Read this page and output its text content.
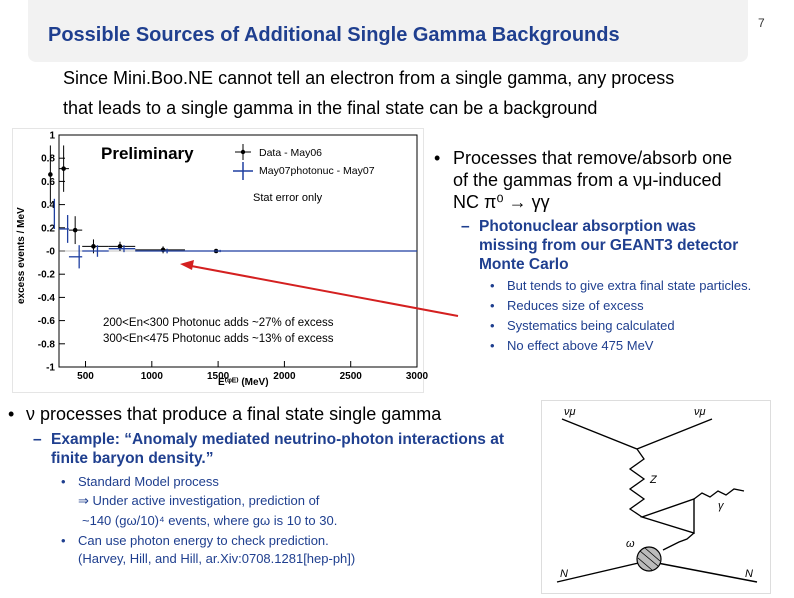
Possible Sources of Additional Single Gamma Backgrounds
7
Since Mini.Boo.NE cannot tell an electron from a single gamma, any process
that leads to a single gamma in the final state can be a background
500	1000	1500	2000	2500	3000
1
0.8
0.6
0.4
0.2
-0
-0.2
-0.4
-0.6
-0.8
-1
Preliminary
Stat error only
200<En<300 Photonuc adds ~27% of excess
300<En<475 Photonuc adds ~13% of excess
Data - May06
May07photonuc - May07
E⁽ᵠᴱ⁾ (MeV)
excess events / MeV
• Processes that remove/absorb one
of the gammas from a νμ-induced
NC π⁰ → γγ
– Photonuclear absorption was
missing from our GEANT3 detector
Monte Carlo
• But tends to give extra final state particles.
• Reduces size of excess
• Systematics being calculated
• No effect above 475 MeV
• ν processes that produce a final state single gamma
– Example: “Anomaly mediated neutrino-photon interactions at
finite baryon density.”
• Standard Model process
⇒ Under active investigation, prediction of
~140 (gω/10)⁴ events, where gω is 10 to 30.
• Can use photon energy to check prediction.
(Harvey, Hill, and Hill, ar.Xiv:0708.1281[hep-ph])
νμ	νμ
Z
ω
γ
N	N
